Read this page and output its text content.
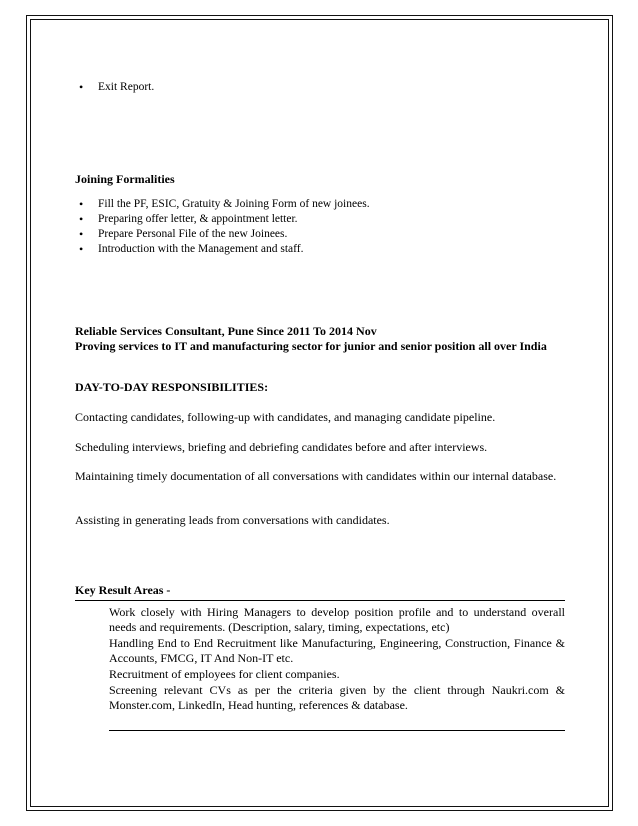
• Exit Report.
Joining Formalities
• Fill the PF, ESIC, Gratuity & Joining Form of new joinees.
• Preparing offer letter, & appointment letter.
• Prepare Personal File of the new Joinees.
• Introduction with the Management and staff.
Reliable Services Consultant, Pune Since 2011 To 2014 Nov
Proving services to IT and manufacturing sector for junior and senior position all over India
DAY-TO-DAY RESPONSIBILITIES:
Contacting candidates, following-up with candidates, and managing candidate pipeline.
Scheduling interviews, briefing and debriefing candidates before and after interviews.
Maintaining timely documentation of all conversations with candidates within our internal database.
Assisting in generating leads from conversations with candidates.
Key Result Areas -
Work closely with Hiring Managers to develop position profile and to understand overall needs and requirements. (Description, salary, timing, expectations, etc)
Handling End to End Recruitment like Manufacturing, Engineering, Construction, Finance & Accounts, FMCG, IT And Non-IT etc.
Recruitment of employees for client companies.
Screening relevant CVs as per the criteria given by the client through Naukri.com & Monster.com, LinkedIn, Head hunting, references & database.
